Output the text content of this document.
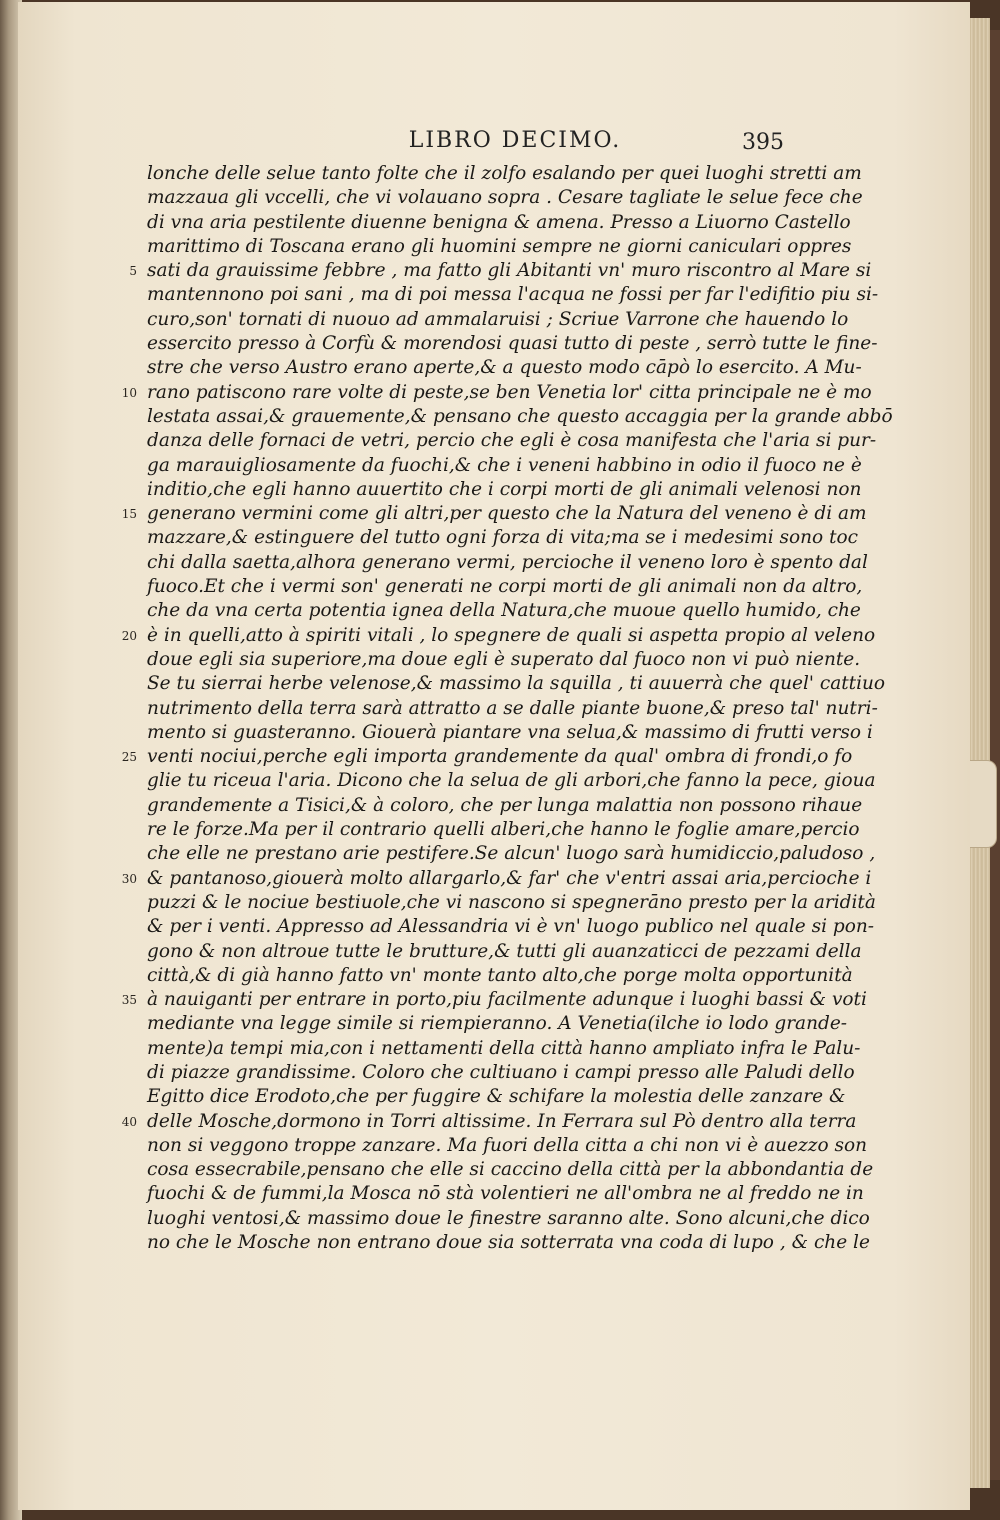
LIBRO DECIMO.	395
lonche delle selue tanto folte che il zolfo esalando per quei luoghi stretti am
mazzaua gli vccelli, che vi volauano sopra . Cesare tagliate le selue fece che
di vna aria pestilente diuenne benigna & amena. Presso a Liuorno Castello
marittimo di Toscana erano gli huomini sempre ne giorni caniculari oppres
sati da grauissime febbre , ma fatto gli Abitanti vn' muro riscontro al Mare si
5
mantennono poi sani , ma di poi messa l'acqua ne fossi per far l'edifitio piu si-
curo,son' tornati di nuouo ad ammalaruisi ; Scriue Varrone che hauendo lo
essercito presso à Corfù & morendosi quasi tutto di peste , serrò tutte le fine-
stre che verso Austro erano aperte,& a questo modo cāpò lo esercito. A Mu-
rano patiscono rare volte di peste,se ben Venetia lor' citta principale ne è mo
10
lestata assai,& grauemente,& pensano che questo accaggia per la grande abbō
danza delle fornaci de vetri, percio che egli è cosa manifesta che l'aria si pur-
ga marauigliosamente da fuochi,& che i veneni habbino in odio il fuoco ne è
inditio,che egli hanno auuertito che i corpi morti de gli animali velenosi non
generano vermini come gli altri,per questo che la Natura del veneno è di am
15
mazzare,& estinguere del tutto ogni forza di vita;ma se i medesimi sono toc
chi dalla saetta,alhora generano vermi, percioche il veneno loro è spento dal
fuoco.Et che i vermi son' generati ne corpi morti de gli animali non da altro,
che da vna certa potentia ignea della Natura,che muoue quello humido, che
è in quelli,atto à spiriti vitali , lo spegnere de quali si aspetta propio al veleno
20
doue egli sia superiore,ma doue egli è superato dal fuoco non vi può niente.
Se tu sierrai herbe velenose,& massimo la squilla , ti auuerrà che quel' cattiuo
nutrimento della terra sarà attratto a se dalle piante buone,& preso tal' nutri-
mento si guasteranno. Giouerà piantare vna selua,& massimo di frutti verso i
venti nociui,perche egli importa grandemente da qual' ombra di frondi,o fo
25
glie tu riceua l'aria. Dicono che la selua de gli arbori,che fanno la pece, gioua
grandemente a Tisici,& à coloro, che per lunga malattia non possono rihaue
re le forze.Ma per il contrario quelli alberi,che hanno le foglie amare,percio
che elle ne prestano arie pestifere.Se alcun' luogo sarà humidiccio,paludoso ,
& pantanoso,giouerà molto allargarlo,& far' che v'entri assai aria,percioche i
30
puzzi & le nociue bestiuole,che vi nascono si spegnerāno presto per la aridità
& per i venti. Appresso ad Alessandria vi è vn' luogo publico nel quale si pon-
gono & non altroue tutte le brutture,& tutti gli auanzaticci de pezzami della
città,& di già hanno fatto vn' monte tanto alto,che porge molta opportunità
à nauiganti per entrare in porto,piu facilmente adunque i luoghi bassi & voti
35
mediante vna legge simile si riempieranno. A Venetia(ilche io lodo grande-
mente)a tempi mia,con i nettamenti della città hanno ampliato infra le Palu-
di piazze grandissime. Coloro che cultiuano i campi presso alle Paludi dello
Egitto dice Erodoto,che per fuggire & schifare la molestia delle zanzare &
delle Mosche,dormono in Torri altissime. In Ferrara sul Pò dentro alla terra
40
non si veggono troppe zanzare. Ma fuori della citta a chi non vi è auezzo son
cosa essecrabile,pensano che elle si caccino della città per la abbondantia de
fuochi & de fummi,la Mosca nō stà volentieri ne all'ombra ne al freddo ne in
luoghi ventosi,& massimo doue le finestre saranno alte. Sono alcuni,che dico
no che le Mosche non entrano doue sia sotterrata vna coda di lupo , & che le
